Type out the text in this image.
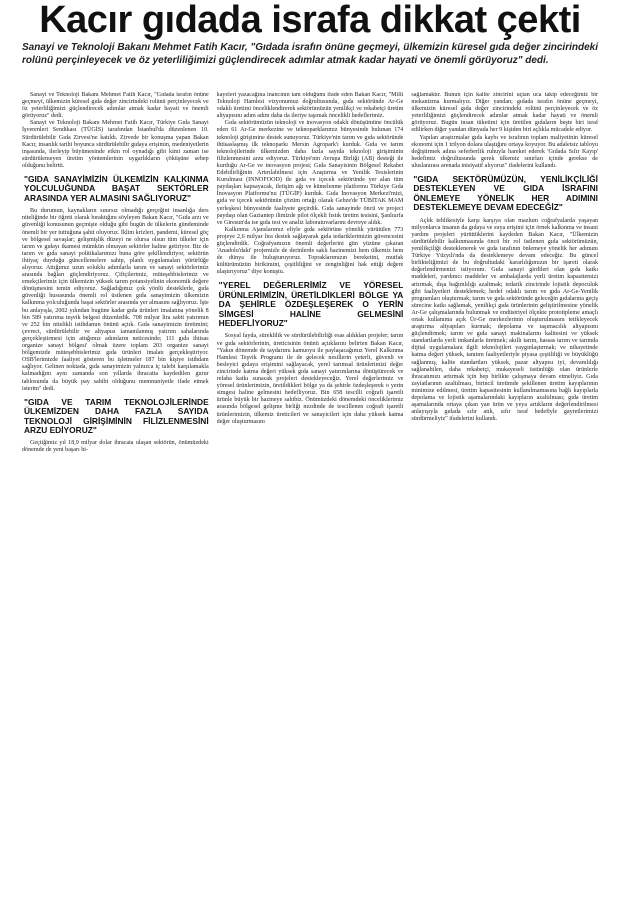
Kacır gıdada israfa dikkat çekti
Sanayi ve Teknoloji Bakanı Mehmet Fatih Kacır, "Gıdada israfın önüne geçmeyi, ülkemizin küresel gıda değer zincirindeki rolünü perçinleyecek ve öz yeterliliğimizi güçlendirecek adımlar atmak kadar hayati ve önemli görüyoruz" dedi.

Sanayi ve Teknoloji Bakanı Mehmet Fatih Kacır, "Gıdada israfın önüne geçmeyi, ülkemizin küresel gıda değer zincirindeki rolünü perçinleyecek ve öz yeterliliğimizi güçlendirecek adımlar atmak kadar hayati ve önemli görüyoruz" dedi.

Sanayi ve Teknoloji Bakanı Mehmet Fatih Kacır, Türkiye Gıda Sanayi İşverenleri Sendikası (TÜGİS) tarafından İstanbul'da düzenlenen 10. Sürdürülebilir Gıda Zirvesi'ne katıldı. Zirvede bir konuşma yapan Bakan Kacır, insanlık tarihi boyunca sürdürülebilir gıdaya erişimin, medeniyetlerin inşasında, ilerleyip büyümesinde etkin rol oynadığı gibi kimi zaman ise sürdürülemeyen üretim yöntemlerinin uygarlıkların çöküşüne sebep olduğunu belirtti.

"GIDA SANAYİMİZİN ÜLKEMİZİN KALKINMA YOLCULUĞUNDA BAŞAT SEKTÖRLER ARASINDA YER ALMASINI SAĞLIYORUZ"

Bu durumun, kaynakların sınırsız olmadığı gerçeğini insanlığa ders niteliğinde bir öğreti olarak bıraktığını söyleyen Bakan Kacır, "Gıda arzı ve güvenliği konusunun geçmişte olduğu gibi bugün de ülkelerin gündeminde önemli bir yer tuttuğuna şahit oluyoruz. İklim krizleri, pandemi, küresel göç ve bölgesel savaşlar; gelişmişlik düzeyi ne olursa olsun tüm ülkeler için tarım ve gıdayı ikamesi mümkün olmayan sektörler haline getiriyor. Biz de tarım ve gıda sanayi politikalarımızı buna göre şekillendiriyor, sektörün ihtiyaç duyduğu güncellemelere sahip, planlı uygulamaları yürürlüğe alıyoruz. Attığımız uzun soluklu adımlarla tarım ve sanayi sektörlerimiz arasında bağları güçlendiriyoruz. Çiftçilerimiz, müteşebbislerimiz ve emekçilerimiz için ülkemizin yüksek tarım potansiyelinin ekonomik değere dönüşmesini temin ediyoruz. Sağladığımız çok yönlü desteklerle, gıda güvenliği hususunda önemli rol üstlenen gıda sanayimizin ülkemizin kalkınma yolculuğunda başat sektörler arasında yer almasını sağlıyoruz. İşte bu anlayışla, 2002 yılından bugüne kadar gıda ürünleri imalatına yönelik 8 bin 589 yatırıma teşvik belgesi düzenledik. 708 milyar lira sabit yatırımın ve 252 bin nitelikli istihdamın önünü açtık. Gıda sanayimizin üretimini; çevreci, sürdürülebilir ve altyapısı tamamlanmış yatırım sahalarında gerçekleştirmesi için attığımız adımların neticesinde; 111 gıda ihtisas organize sanayi bölgesi' olmak üzere toplam 203 organize sanayi bölgemizde müteşebbislerimiz gıda ürünleri imalatı gerçekleştiriyor. OSB'lerimizde faaliyet gösteren bu işletmeler 187 bin kişiye istihdam sağlıyor. Gelinen noktada, gıda sanayimizin yalnızca iç talebi karşılamakla kalmadığını aynı zamanda son yıllarda ihracatta kaydedilen gurur tablosunda da büyük pay sahibi olduğunu memnuniyetle ifade etmek isterim" dedi.

"GIDA VE TARIM TEKNOLOJİLERİNDE ÜLKEMİZDEN DAHA FAZLA SAYIDA TEKNOLOJİ GİRİŞİMİNİN FİLİZLENMESİNİ ARZU EDİYORUZ"

Geçtiğimiz yıl 18,9 milyar dolar ihracata ulaşan sektörün, önümüzdeki dönemde de yeni başarı hi-

kayeleri yazacağına inancının tam olduğunu ifade eden Bakan Kacır, "Milli Teknoloji Hamlesi vizyonumuz doğrultusunda, gıda sektöründe Ar-Ge odaklı üretimi önceliklendirerek sektörümüzün yenilikçi ve rekabetçi üretim altyapısını adım adım daha da ileriye taşımak öncelikli hedeflerimiz.

Gıda sektörümüzün teknoloji ve inovasyon odaklı dönüşümüne öncülük eden 61 Ar-Ge merkezine ve teknoparklarımız bünyesinde bulunan 174 teknoloji girişimine destek sunuyoruz. Türkiye'nin tarım ve gıda sektöründe ihtisaslaşmış ilk teknoparkı Mersin Agropark'ı kurduk. Gıda ve tarım teknolojilerinde ülkemizden daha fazla sayıda teknoloji girişiminin filizlenmesini arzu ediyoruz. Türkiye'nin Avrupa Birliği (AB) desteği ile kurduğu Ar-Ge ve inovasyon projesi; Gıda Sanayisinin Bölgesel Rekabet Edebilirliğinin Artırılabilmesi için Araştırma ve Yenilik Tesislerinin Kurulması (INNOFOOD) ile gıda ve içecek sektöründe yer alan tüm paydaşları kapsayacak, iletişim ağı ve kümelenme platformu Türkiye Gıda İnovasyon Platformu'nu (TÜGİP) kurduk. Gıda İnovasyon Merkezi'mizi, gıda ve içecek sektörünün çözüm ortağı olarak Gebze'de TÜBİTAK MAM yerleşkesi bünyesinde faaliyete geçirdik. Gıda sanayinde öncü ve projeci paydaşı olan Gaziantep ilimizde pilot ölçekli fıstık üretim tesisini, Şanlıurfa ve Giresun'da ise gıda test ve analiz laboratuvarlarını devreye aldık.

Kalkınma Ajanslarımız eliyle gıda sektörüne yönelik yürütülen 773 projeye 2,6 milyar lira destek sağlayarak gıda tedariklerimizin güvencesini güçlendirdik. Coğrafyamızın önemli değerlerini gün yüzüne çıkaran 'Anadolu'daki' projemizle de derinlerde saklı hazinemizi hem ülkemiz hem de dünya ile buluşturuyoruz. Topraklarımızın bereketini, mutfak kültürümüzün birikimini, çeşitliliğini ve zenginliğini hak ettiği değere ulaştırıyoruz" diye konuştu.

"YEREL DEĞERLERİMİZ VE YÖRESEL ÜRÜNLERİMİZİN, ÜRETİLDİKLERİ BÖLGE YA DA ŞEHİRLE ÖZDEŞLEŞEREK O YERİN SİMGESİ HALİNE GELMESİNİ HEDEFLİYORUZ"

Sosyal fayda, süreklilik ve sürdürülebilirliği esas aldıkları projeler; tarım ve gıda sektörlerinin, üreticisinin önünü açtıklarını belirten Bakan Kacır, "Yakın dönemde de taydarımı kamuoyu ile paylaşacağımız Yerel Kalkınma Hamlesi Teşvik Programı ile de gelecek nesillerin yeterli, güvenli ve besleyici gıdaya erişimini sağlayacak, yerel tarımsal ürünlerimizi değer zincirinde katma değeri yüksek gıda sanayi yatırımlarına dönüştürecek ve refaha katkı sunacak projeleri destekleyeceğiz. Yerel değerlerimiz ve yöresel ürünlerimizin, üretildikleri bölge ya da şehirle özdeşleşerek o yerin simgesi haline gelmesini hedefliyoruz. Bin 658 tescilli coğrafi işaretli ürünle büyük bir hazineye sahibiz. Önümüzdeki dönemdeki önceliklerimiz arasında bölgesel gelişme birliği nezdinde de tescillenen coğrafi işaretli ürünlerimizin, ülkemiz üreticileri ve sanayicileri için daha yüksek katma değer oluşturmasını

sağlamaktır. Bunun için kalite zincirini uçtan uca takip edeceğimiz bir mekanizma kurmalıyız. Diğer yandan; gıdada israfın önüne geçmeyi, ülkemizin küresel gıda değer zincirindeki rolünü perçinleyecek ve öz yeterliliğimizi güçlendirecek adımlar atmak kadar hayati ve önemli görüyoruz. Bugün insan tüketimi için üretilen gıdaların beşte biri israf edilirken diğer yandan dünyada her 9 kişiden biri açlıkla mücadele ediyor.

Yapılan araştırmalar gıda kaybı ve israfının toplam maliyetinin küresel ekonomi için 1 trilyon dolara ulaştığını ortaya koyuyor. Bu adaletsiz tabloyu değiştirmek adına seferberlik ruhuyla hareket ederek 'Gıdada Sıfır Kayıp' hedefimiz doğrultusunda gerek ülkemiz sınırları içinde gerekse de uluslararası arenada inisiyatif alıyoruz" ifadelerini kullandı.

"GIDA SEKTÖRÜMÜZÜN, YENİLİKÇİLİĞİ DESTEKLEYEN VE GIDA İSRAFINI ÖNLEMEYE YÖNELİK HER ADIMINI DESTEKLEMEYE DEVAM EDECEĞİZ"

Açlık tehlikesiyle karşı karşıya olan mazlum coğrafyalarda yaşayan milyonlarca insanın da gıdaya ve suya erişimi için örnek kalkınma ve insani yardım projeleri yürüttüklerini kaydeden Bakan Kacır, "Ülkemizin sürdürülebilir kalkınmasında öncü bir rol üstlenen gıda sektörümüzün, yenilikçiliği desteklenerek ve gıda israfının önlemeye yönelik her adımını Türkiye Yüzyılı'nda da desteklemeye devam edeceğiz. Bu güncel birlikteliğimizi de bu doğrultudaki kararlılığımızın bir işareti olarak değerlendirmenizi istiyorum. Gıda sanayi girdileri olan gıda katkı maddeleri, yardımcı maddeler ve ambalajlarda yerli üretim kapasitemizi artırmak, dışa bağımlılığı azaltmak; tedarik zincirinde lojistik depoculuk gibi faaliyetleri desteklemek; hedef odaklı tarım ve gıda Ar-Ge-Yenilik programları oluşturmak; tarım ve gıda sektöründe geleceğin gıdalarına geçiş sürecine katkı sağlamak, yenilikçi gıda ürünlerinin geliştirilmesine yönelik Ar-Ge çalışmalarında bulunmak ve endüstriyel ölçekte prototipleme amaçlı ortak kullanıma açık Ür-Ge merkezlerinin oluşturulmasını tetikleyecek araştırma altyapıları kurmak; depolama ve taşımacılık altyapısını güçlendirmek; tarım ve gıda sanayi makinalarını kalitesini ve yüksek standartlarda yerli imkanlarla üretmek; akıllı tarım, hassas tarım ve tarımda dijital uygulamalara ilgili teknolojileri yaygınlaştırmak; ve nihayetinde katma değeri yüksek, tanıtım faaliyetleriyle piyasa çeşitliliği ve büyüklüğü sağlanmış, kalite standartları yüksek, pazar altyapısı iyi, devamlılığı sağlanabilen, daha rekabetçi, mukayeseli üstünlüğü olan ürünlerle ihracatımızı artırmak için hep birlikte çalışmaya devam etmeliyiz. Gıda zayiatlarının azaltılması, birincil üretimde şekillenen üretim kayıplarının minimize edilmesi, üretim kapasitesinin kullanılmamasına bağlı kayıplarla depolama ve lojistik aşamalarındaki kayıpların azaltılması; gıda üretim aşamalarında ortaya çıkan yan ürün ve yeya artıkların değerlendirilmesi anlayışıyla gıdada sıfır atık, sıfır israf hedefiyle gayretlerimizi sürdürmeliyiz" ifadelerini kullandı.
